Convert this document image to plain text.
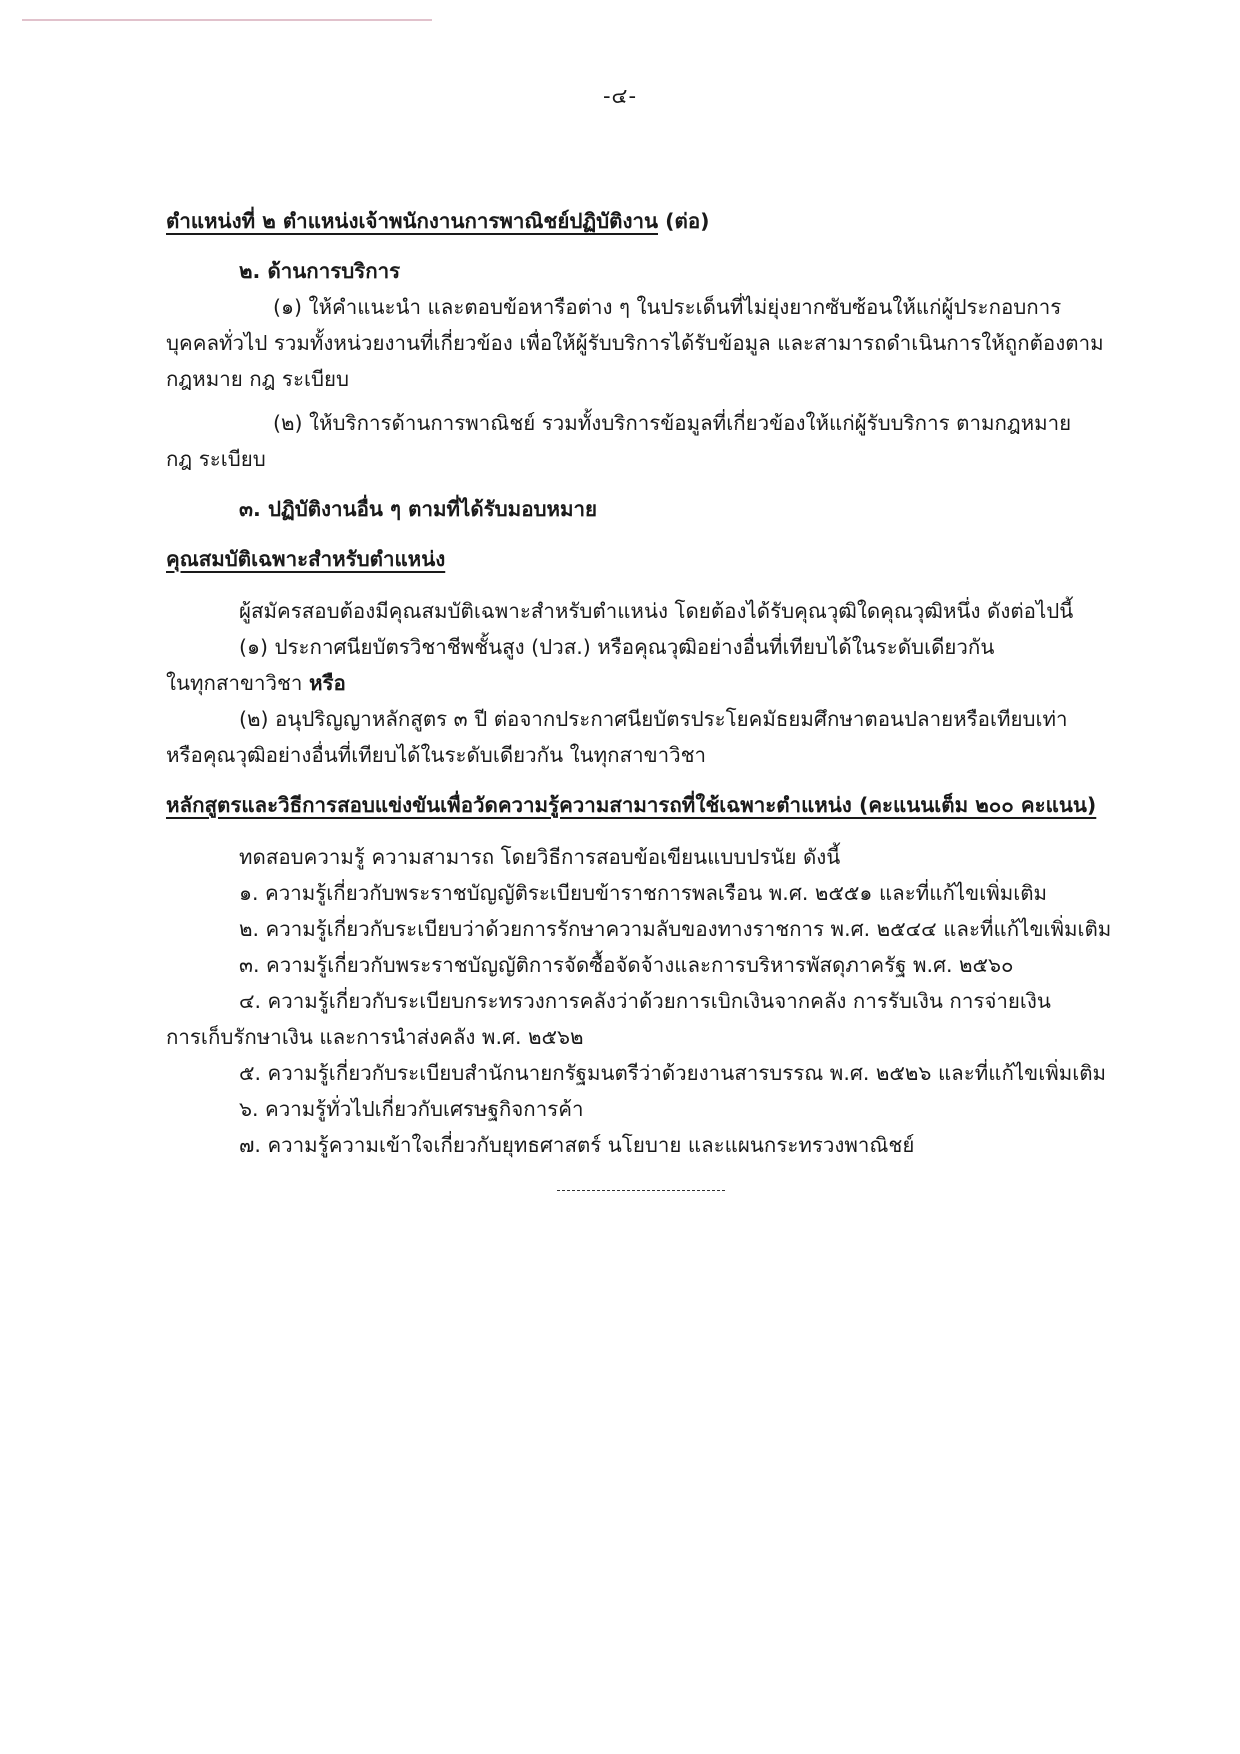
-๔-
ตำแหน่งที่ ๒ ตำแหน่งเจ้าพนักงานการพาณิชย์ปฏิบัติงาน (ต่อ)
๒. ด้านการบริการ
(๑) ให้คำแนะนำ และตอบข้อหารือต่าง ๆ ในประเด็นที่ไม่ยุ่งยากซับซ้อนให้แก่ผู้ประกอบการ
บุคคลทั่วไป รวมทั้งหน่วยงานที่เกี่ยวข้อง เพื่อให้ผู้รับบริการได้รับข้อมูล และสามารถดำเนินการให้ถูกต้องตาม
กฎหมาย กฎ ระเบียบ
(๒) ให้บริการด้านการพาณิชย์ รวมทั้งบริการข้อมูลที่เกี่ยวข้องให้แก่ผู้รับบริการ ตามกฎหมาย
กฎ ระเบียบ
๓. ปฏิบัติงานอื่น ๆ ตามที่ได้รับมอบหมาย
คุณสมบัติเฉพาะสำหรับตำแหน่ง
ผู้สมัครสอบต้องมีคุณสมบัติเฉพาะสำหรับตำแหน่ง โดยต้องได้รับคุณวุฒิใดคุณวุฒิหนึ่ง ดังต่อไปนี้
(๑) ประกาศนียบัตรวิชาชีพชั้นสูง (ปวส.) หรือคุณวุฒิอย่างอื่นที่เทียบได้ในระดับเดียวกัน
ในทุกสาขาวิชา หรือ
(๒) อนุปริญญาหลักสูตร ๓ ปี ต่อจากประกาศนียบัตรประโยคมัธยมศึกษาตอนปลายหรือเทียบเท่า
หรือคุณวุฒิอย่างอื่นที่เทียบได้ในระดับเดียวกัน ในทุกสาขาวิชา
หลักสูตรและวิธีการสอบแข่งขันเพื่อวัดความรู้ความสามารถที่ใช้เฉพาะตำแหน่ง (คะแนนเต็ม ๒๐๐ คะแนน)
ทดสอบความรู้ ความสามารถ โดยวิธีการสอบข้อเขียนแบบปรนัย ดังนี้
๑. ความรู้เกี่ยวกับพระราชบัญญัติระเบียบข้าราชการพลเรือน พ.ศ. ๒๕๕๑ และที่แก้ไขเพิ่มเติม
๒. ความรู้เกี่ยวกับระเบียบว่าด้วยการรักษาความลับของทางราชการ พ.ศ. ๒๕๔๔ และที่แก้ไขเพิ่มเติม
๓. ความรู้เกี่ยวกับพระราชบัญญัติการจัดซื้อจัดจ้างและการบริหารพัสดุภาครัฐ พ.ศ. ๒๕๖๐
๔. ความรู้เกี่ยวกับระเบียบกระทรวงการคลังว่าด้วยการเบิกเงินจากคลัง การรับเงิน การจ่ายเงิน
การเก็บรักษาเงิน และการนำส่งคลัง พ.ศ. ๒๕๖๒
๕. ความรู้เกี่ยวกับระเบียบสำนักนายกรัฐมนตรีว่าด้วยงานสารบรรณ พ.ศ. ๒๕๒๖ และที่แก้ไขเพิ่มเติม
๖. ความรู้ทั่วไปเกี่ยวกับเศรษฐกิจการค้า
๗. ความรู้ความเข้าใจเกี่ยวกับยุทธศาสตร์ นโยบาย และแผนกระทรวงพาณิชย์
